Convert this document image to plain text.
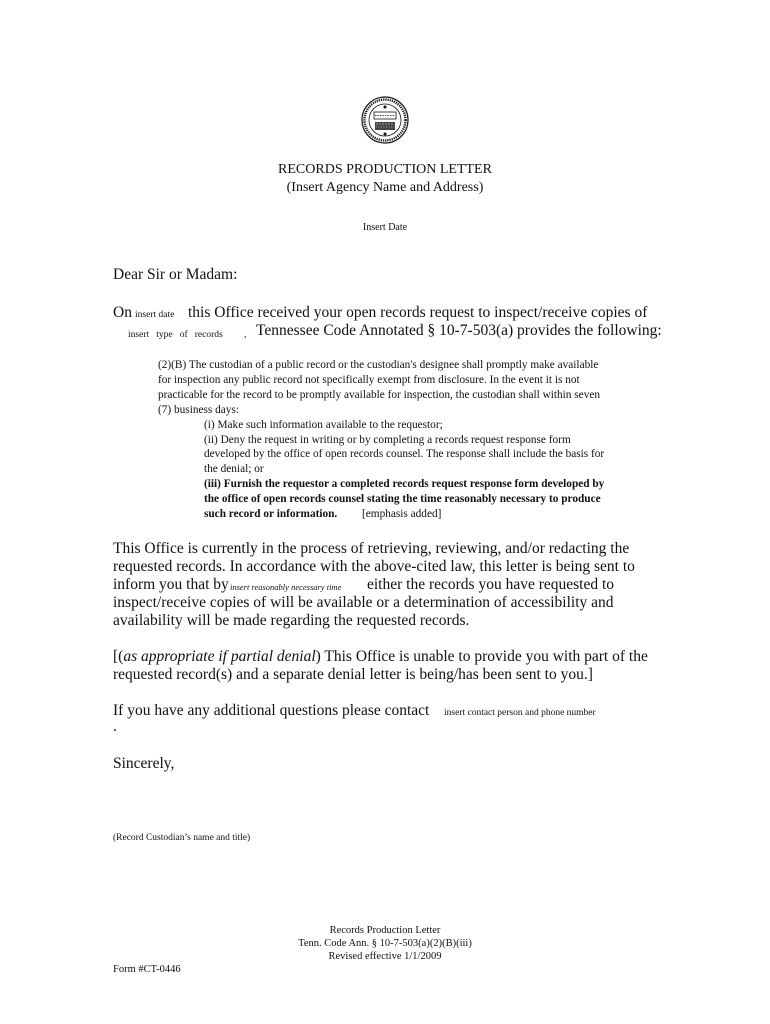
RECORDS PRODUCTION LETTER
(Insert Agency Name and Address)
Insert Date
Dear Sir or Madam:
On insert date this Office received your open records request to inspect/receive copies of
insert   type   of   records , Tennessee Code Annotated § 10-7-503(a) provides the following:
(2)(B) The custodian of a public record or the custodian's designee shall promptly make available
for inspection any public record not specifically exempt from disclosure. In the event it is not
practicable for the record to be promptly available for inspection, the custodian shall within seven
(7) business days:
(i) Make such information available to the requestor;
(ii) Deny the request in writing or by completing a records request response form
developed by the office of open records counsel. The response shall include the basis for
the denial; or
(iii) Furnish the requestor a completed records request response form developed by
the office of open records counsel stating the time reasonably necessary to produce
such record or information. [emphasis added]
This Office is currently in the process of retrieving, reviewing, and/or redacting the
requested records. In accordance with the above-cited law, this letter is being sent to
inform you that by insert reasonably necessary time either the records you have requested to
inspect/receive copies of will be available or a determination of accessibility and
availability will be made regarding the requested records.
[(as appropriate if partial denial) This Office is unable to provide you with part of the
requested record(s) and a separate denial letter is being/has been sent to you.]
If you have any additional questions please contact insert contact person and phone number
.
Sincerely,
(Record Custodian’s name and title)
Records Production Letter
Tenn. Code Ann. § 10-7-503(a)(2)(B)(iii)
Revised effective 1/1/2009
Form #CT-0446
